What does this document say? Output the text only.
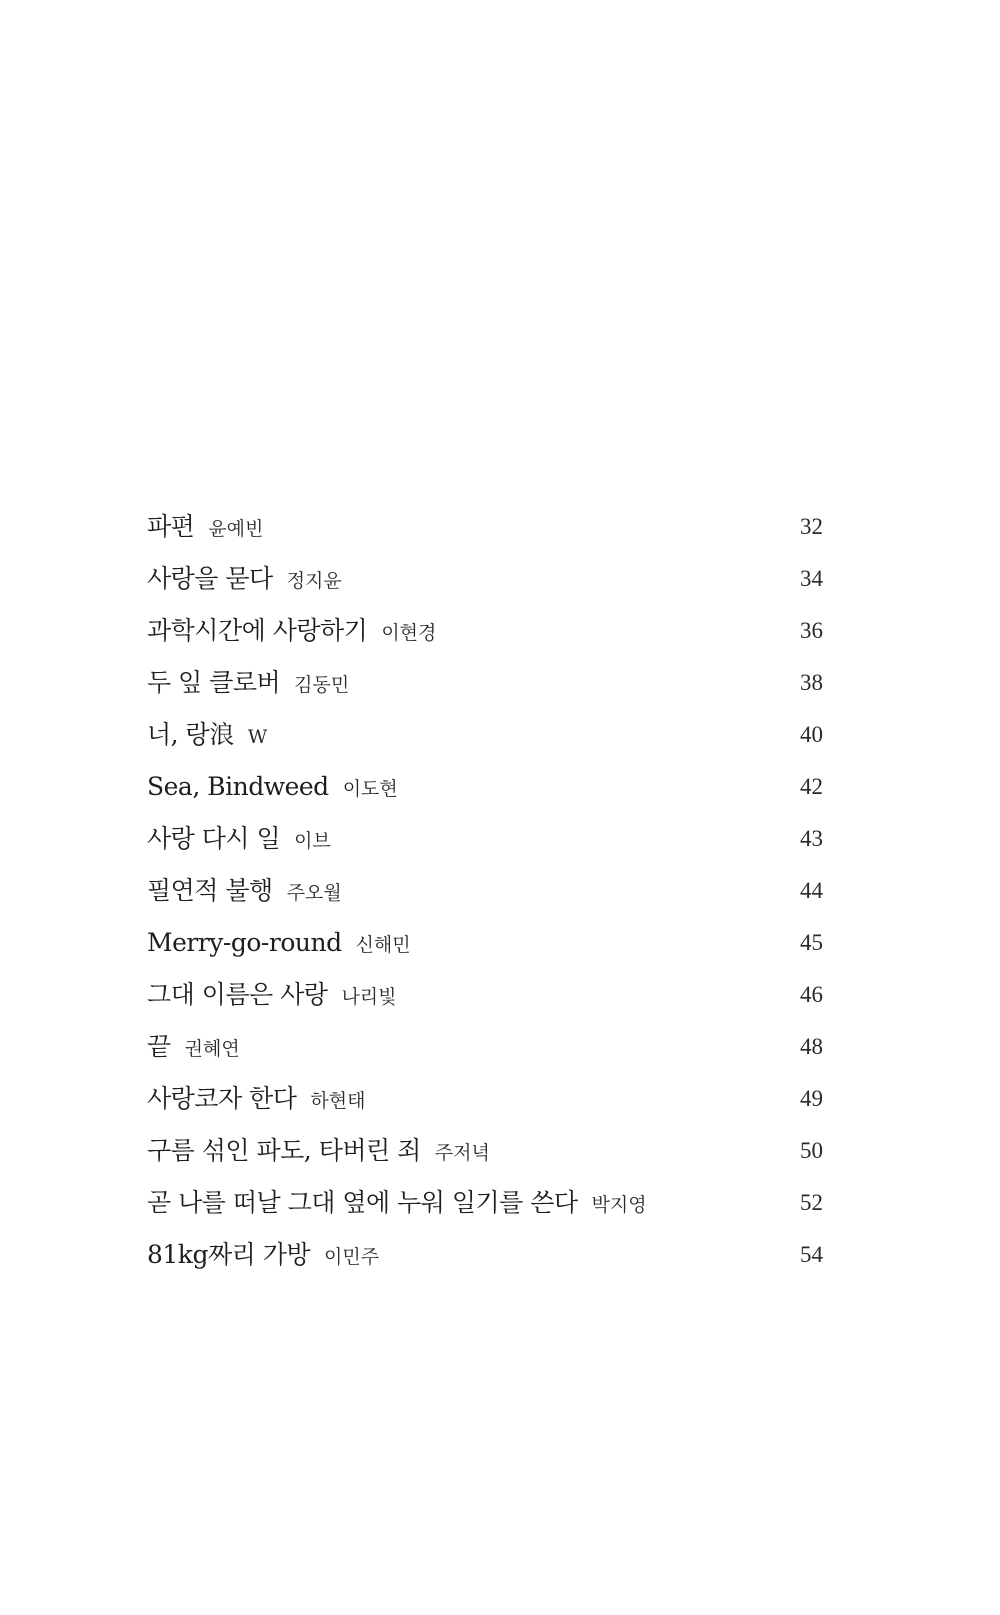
파편 윤예빈	32
사랑을 묻다 정지윤	34
과학시간에 사랑하기 이현경	36
두 잎 클로버 김동민	38
너, 랑浪 W	40
Sea, Bindweed 이도현	42
사랑 다시 일 이브	43
필연적 불행 주오월	44
Merry-go-round 신해민	45
그대 이름은 사랑 나리빛	46
끝 권혜연	48
사랑코자 한다 하현태	49
구름 섞인 파도, 타버린 죄 주저녁	50
곧 나를 떠날 그대 옆에 누워 일기를 쓴다 박지영	52
81kg짜리 가방 이민주	54
